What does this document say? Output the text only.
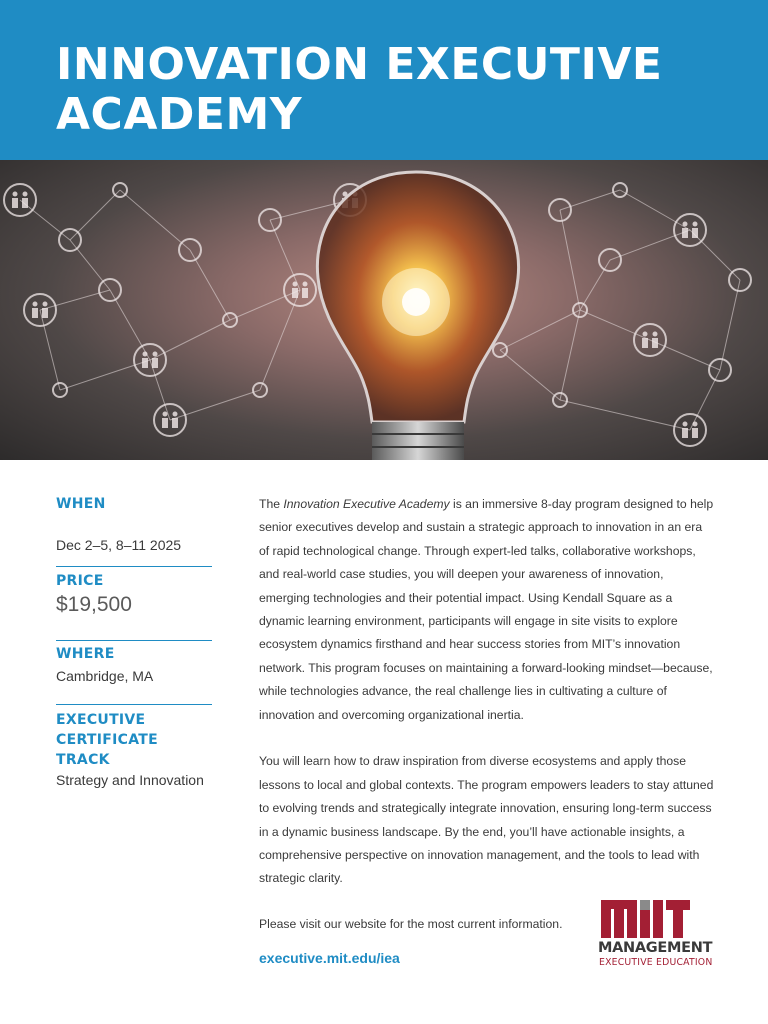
INNOVATION EXECUTIVE ACADEMY
WHEN
Dec 2–5, 8–11 2025
PRICE
$19,500
WHERE
Cambridge, MA
EXECUTIVE
CERTIFICATE
TRACK
Strategy and Innovation

The Innovation Executive Academy is an immersive 8-day program designed to help senior executives develop and sustain a strategic approach to innovation in an era of rapid technological change. Through expert-led talks, collaborative workshops, and real-world case studies, you will deepen your awareness of innovation, emerging technologies and their potential impact. Using Kendall Square as a dynamic learning environment, participants will engage in site visits to explore ecosystem dynamics firsthand and hear success stories from MIT’s innovation network. This program focuses on maintaining a forward-looking mindset—because, while technologies advance, the real challenge lies in cultivating a culture of innovation and overcoming organizational inertia.

You will learn how to draw inspiration from diverse ecosystems and apply those lessons to local and global contexts. The program empowers leaders to stay attuned to evolving trends and strategically integrate innovation, ensuring long-term success in a dynamic business landscape. By the end, you’ll have actionable insights, a comprehensive perspective on innovation management, and the tools to lead with strategic clarity.

Please visit our website for the most current information.
executive.mit.edu/iea
MANAGEMENT
EXECUTIVE EDUCATION
